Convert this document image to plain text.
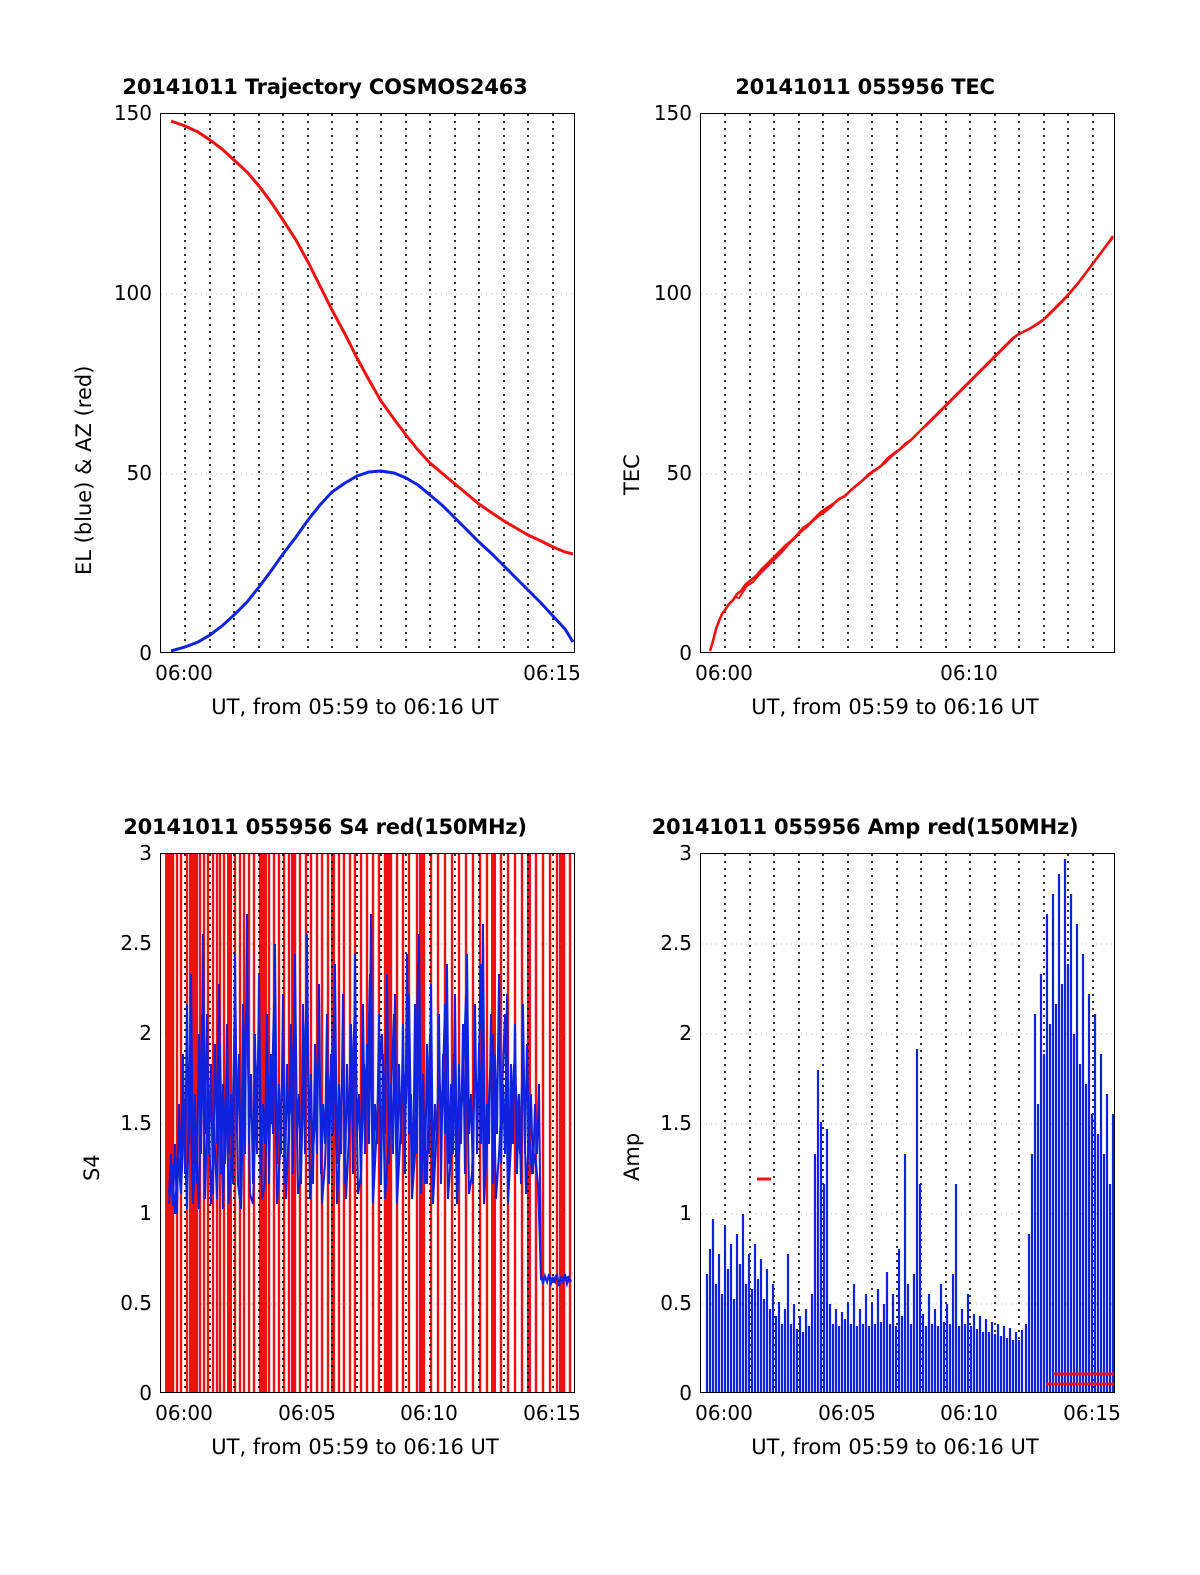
20141011 Trajectory COSMOS2463
EL (blue) & AZ (red)
0
50
100
150
06:00	06:15
UT, from 05:59 to 06:16 UT
20141011 055956 TEC
TEC
0
50
100
150
06:00	06:10
UT, from 05:59 to 06:16 UT
20141011 055956 S4 red(150MHz)
S4
0
0.5
1
1.5
2
2.5
3
06:00	06:05	06:10	06:15
UT, from 05:59 to 06:16 UT
20141011 055956 Amp red(150MHz)
Amp
0
0.5
1
1.5
2
2.5
3
06:00	06:05	06:10	06:15
UT, from 05:59 to 06:16 UT
